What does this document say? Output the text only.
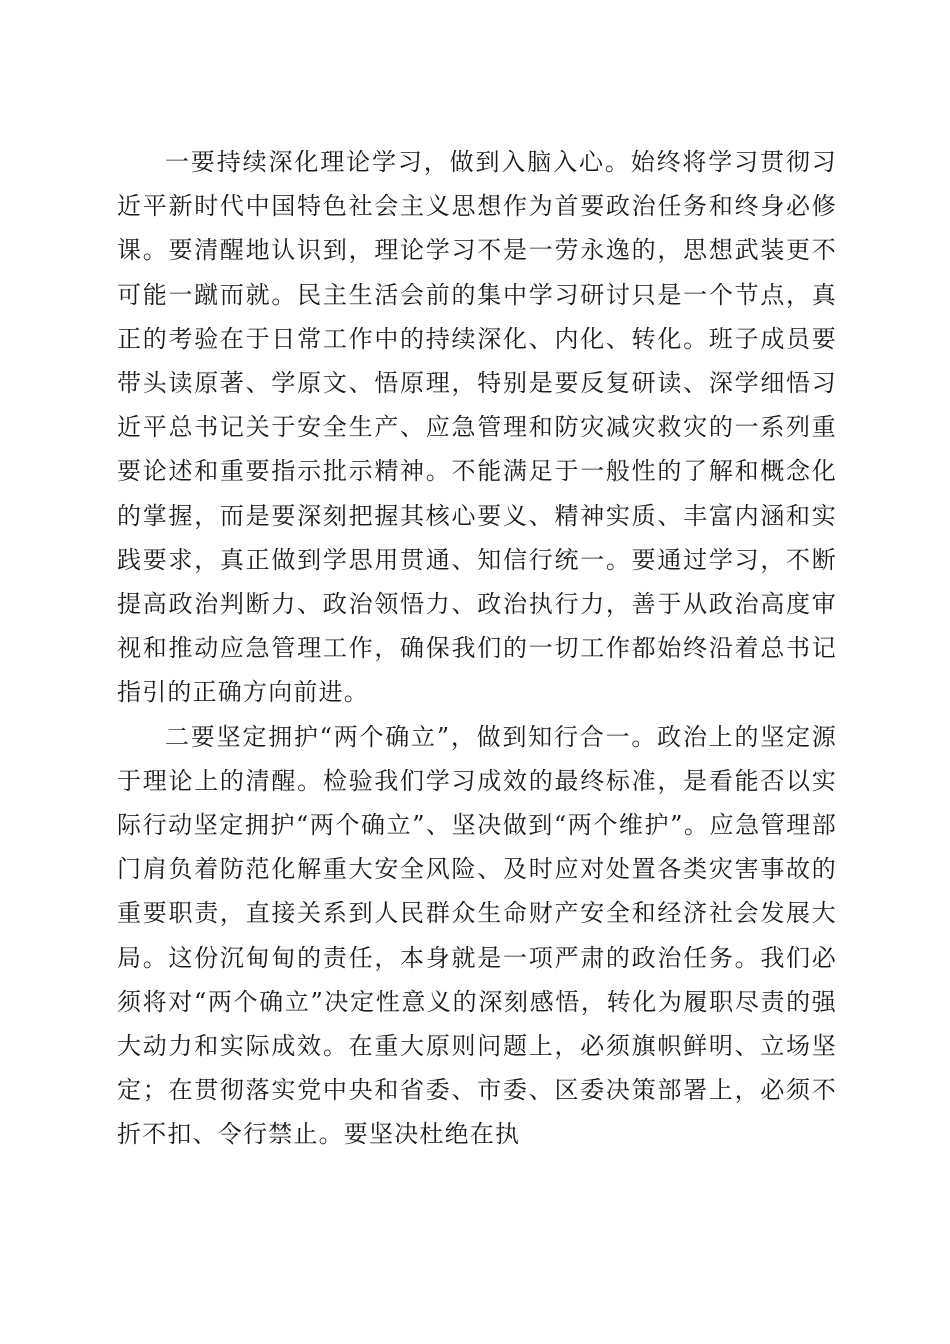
一要持续深化理论学习，做到入脑入心。始终将学习贯彻习近平新时代中国特色社会主义思想作为首要政治任务和终身必修课。要清醒地认识到，理论学习不是一劳永逸的，思想武装更不可能一蹴而就。民主生活会前的集中学习研讨只是一个节点，真正的考验在于日常工作中的持续深化、内化、转化。班子成员要带头读原著、学原文、悟原理，特别是要反复研读、深学细悟习近平总书记关于安全生产、应急管理和防灾减灾救灾的一系列重要论述和重要指示批示精神。不能满足于一般性的了解和概念化的掌握，而是要深刻把握其核心要义、精神实质、丰富内涵和实践要求，真正做到学思用贯通、知信行统一。要通过学习，不断提高政治判断力、政治领悟力、政治执行力，善于从政治高度审视和推动应急管理工作，确保我们的一切工作都始终沿着总书记指引的正确方向前进。

二要坚定拥护“两个确立”，做到知行合一。政治上的坚定源于理论上的清醒。检验我们学习成效的最终标准，是看能否以实际行动坚定拥护“两个确立”、坚决做到“两个维护”。应急管理部门肩负着防范化解重大安全风险、及时应对处置各类灾害事故的重要职责，直接关系到人民群众生命财产安全和经济社会发展大局。这份沉甸甸的责任，本身就是一项严肃的政治任务。我们必须将对“两个确立”决定性意义的深刻感悟，转化为履职尽责的强大动力和实际成效。在重大原则问题上，必须旗帜鲜明、立场坚定；在贯彻落实党中央和省委、市委、区委决策部署上，必须不折不扣、令行禁止。要坚决杜绝在执
